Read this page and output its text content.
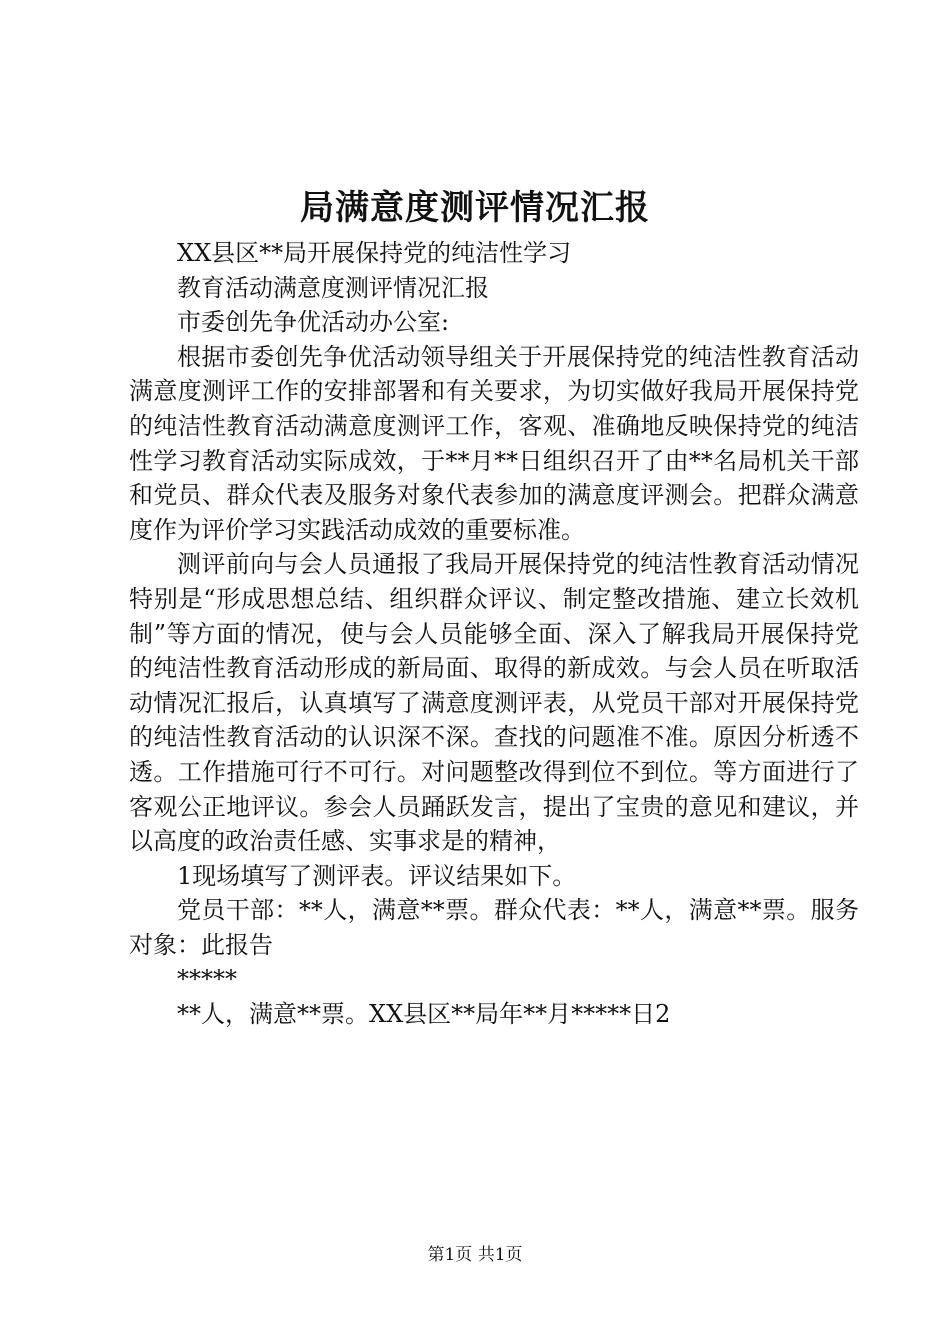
局满意度测评情况汇报

XX县区**局开展保持党的纯洁性学习

教育活动满意度测评情况汇报

市委创先争优活动办公室:

根据市委创先争优活动领导组关于开展保持党的纯洁性教育活动满意度测评工作的安排部署和有关要求，为切实做好我局开展保持党的纯洁性教育活动满意度测评工作，客观、准确地反映保持党的纯洁性学习教育活动实际成效，于**月**日组织召开了由**名局机关干部和党员、群众代表及服务对象代表参加的满意度评测会。把群众满意度作为评价学习实践活动成效的重要标准。

测评前向与会人员通报了我局开展保持党的纯洁性教育活动情况特别是“形成思想总结、组织群众评议、制定整改措施、建立长效机制”等方面的情况，使与会人员能够全面、深入了解我局开展保持党的纯洁性教育活动形成的新局面、取得的新成效。与会人员在听取活动情况汇报后，认真填写了满意度测评表，从党员干部对开展保持党的纯洁性教育活动的认识深不深。查找的问题准不准。原因分析透不透。工作措施可行不可行。对问题整改得到位不到位。等方面进行了客观公正地评议。参会人员踊跃发言，提出了宝贵的意见和建议，并以高度的政治责任感、实事求是的精神，

1现场填写了测评表。评议结果如下。

党员干部：**人，满意**票。群众代表：**人，满意**票。服务对象：此报告

*****

**人，满意**票。XX县区**局年**月*****日2

第1页 共1页
